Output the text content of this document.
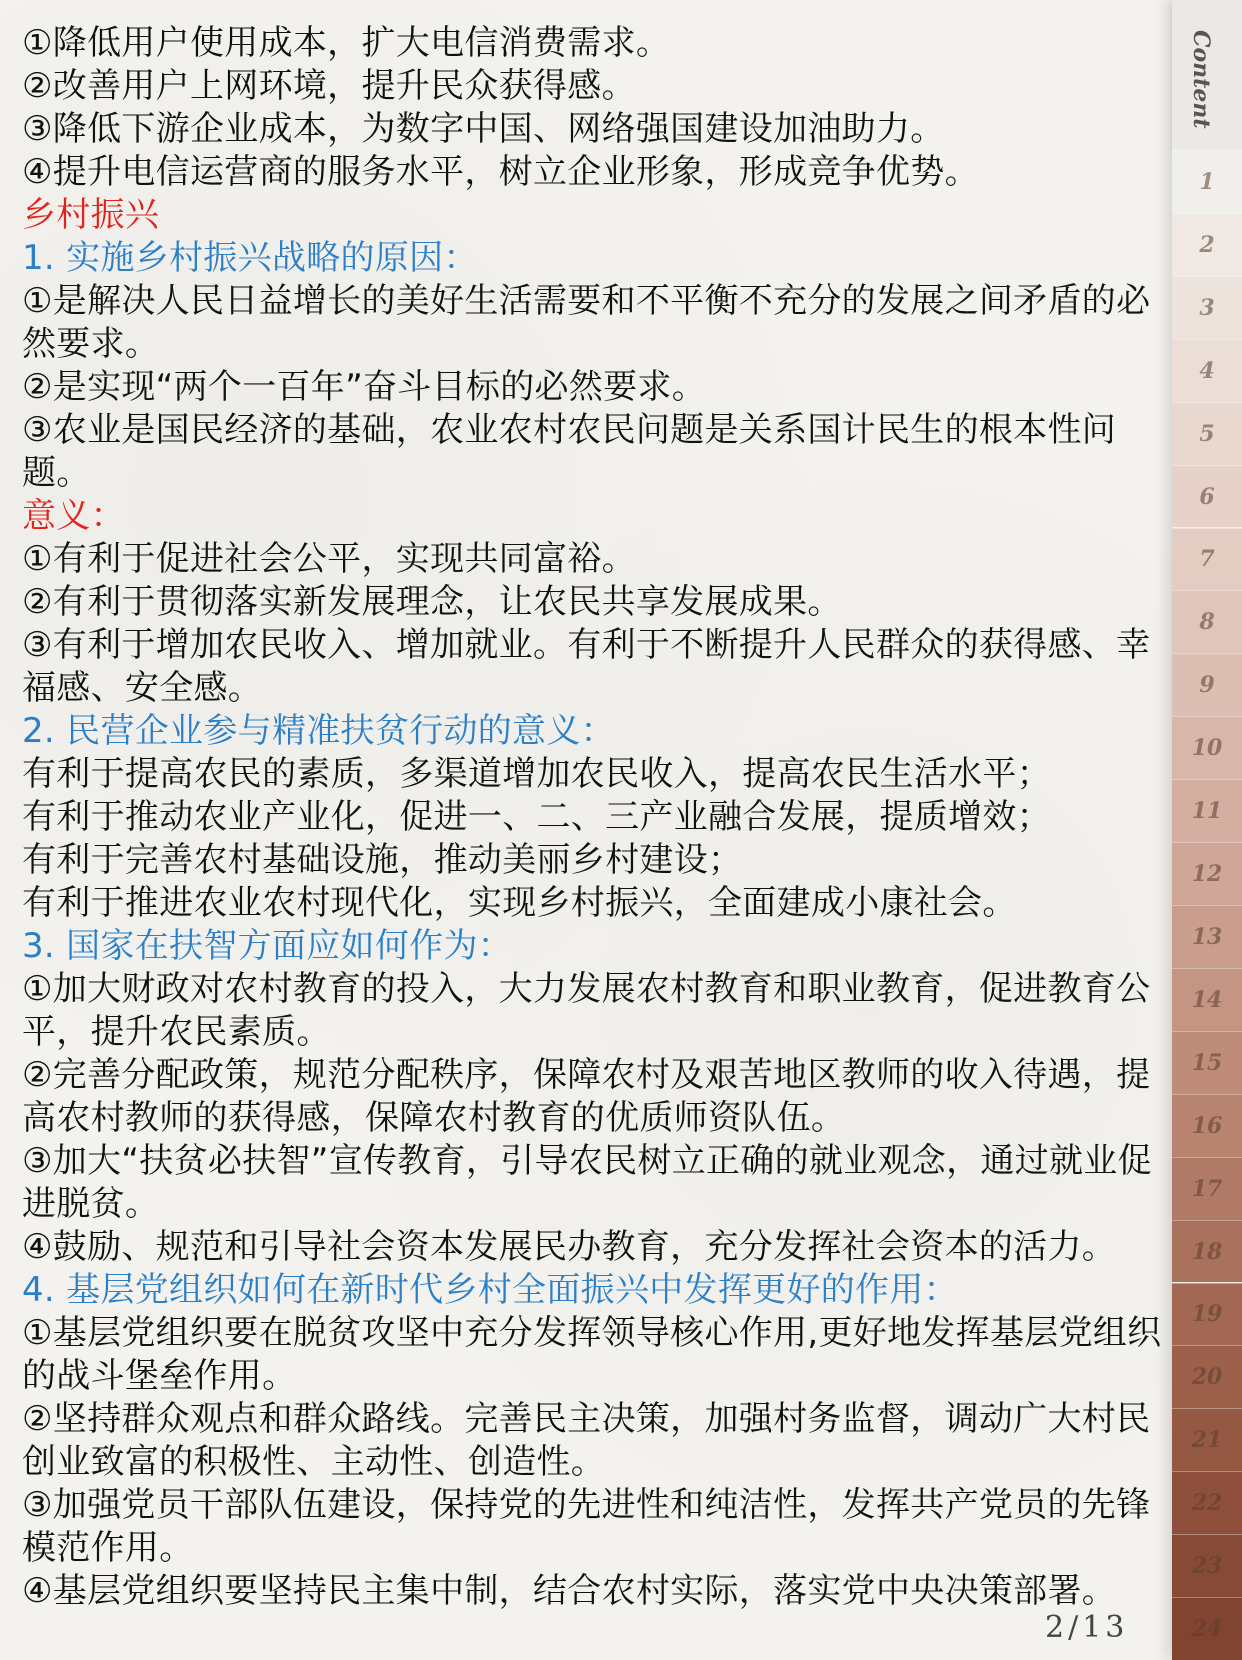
①降低用户使用成本，扩大电信消费需求。

②改善用户上网环境，提升民众获得感。

③降低下游企业成本，为数字中国、网络强国建设加油助力。

④提升电信运营商的服务水平，树立企业形象，形成竞争优势。

乡村振兴

1. 实施乡村振兴战略的原因：

①是解决人民日益增长的美好生活需要和不平衡不充分的发展之间矛盾的必然要求。

②是实现“两个一百年”奋斗目标的必然要求。

③农业是国民经济的基础，农业农村农民问题是关系国计民生的根本性问题。

意义：

①有利于促进社会公平，实现共同富裕。

②有利于贯彻落实新发展理念，让农民共享发展成果。

③有利于增加农民收入、增加就业。有利于不断提升人民群众的获得感、幸福感、安全感。

2. 民营企业参与精准扶贫行动的意义：

有利于提高农民的素质，多渠道增加农民收入，提高农民生活水平；

有利于推动农业产业化，促进一、二、三产业融合发展，提质增效；

有利于完善农村基础设施，推动美丽乡村建设；

有利于推进农业农村现代化，实现乡村振兴，全面建成小康社会。

3. 国家在扶智方面应如何作为：

①加大财政对农村教育的投入，大力发展农村教育和职业教育，促进教育公平，提升农民素质。

②完善分配政策，规范分配秩序，保障农村及艰苦地区教师的收入待遇，提高农村教师的获得感，保障农村教育的优质师资队伍。

③加大“扶贫必扶智”宣传教育，引导农民树立正确的就业观念，通过就业促进脱贫。

④鼓励、规范和引导社会资本发展民办教育，充分发挥社会资本的活力。

4. 基层党组织如何在新时代乡村全面振兴中发挥更好的作用：

①基层党组织要在脱贫攻坚中充分发挥领导核心作用,更好地发挥基层党组织的战斗堡垒作用。

②坚持群众观点和群众路线。完善民主决策，加强村务监督，调动广大村民创业致富的积极性、主动性、创造性。

③加强党员干部队伍建设，保持党的先进性和纯洁性，发挥共产党员的先锋模范作用。

④基层党组织要坚持民主集中制，结合农村实际，落实党中央决策部署。

Content
1
2
3
4
5
6
7
8
9
10
11
12
13
14
15
16
17
18
19
20
21
22
23
24
2/13
